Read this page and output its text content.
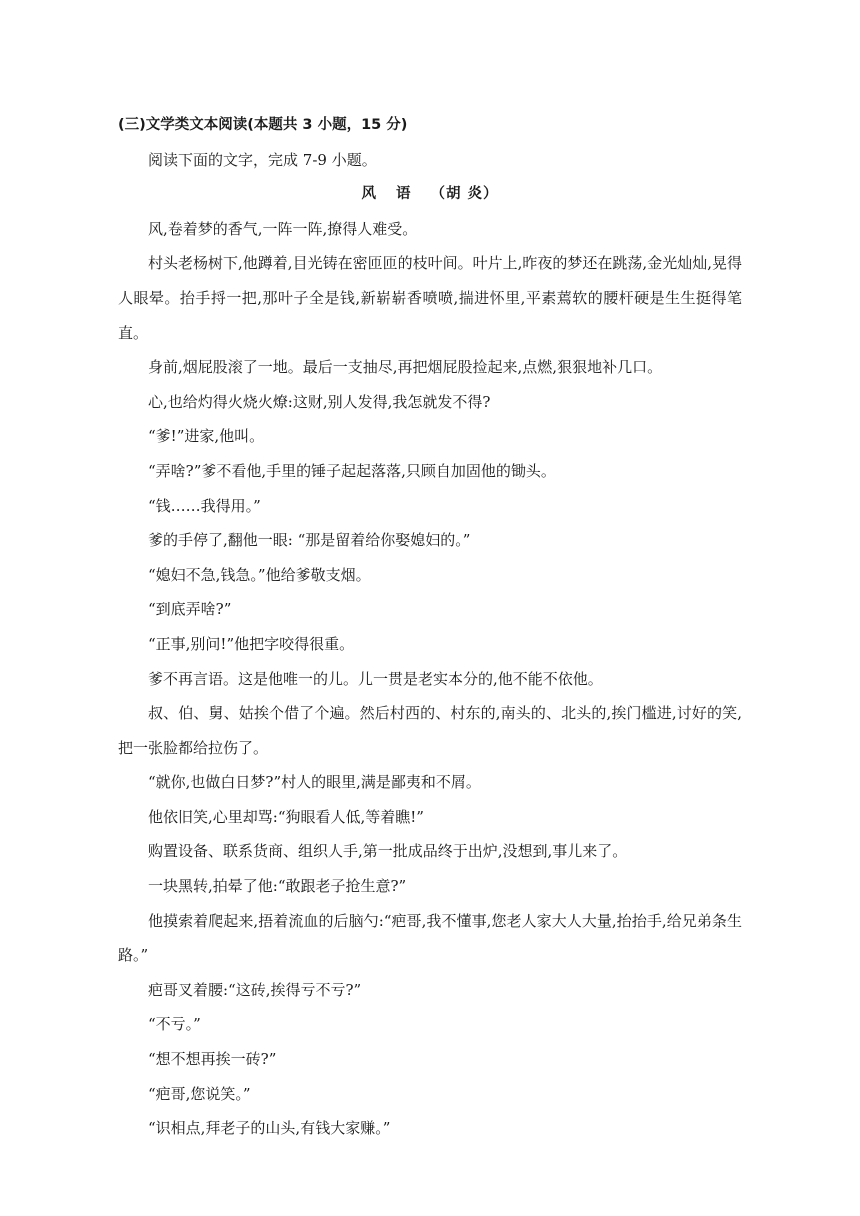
(三)文学类文本阅读(本题共 3 小题，15 分)

阅读下面的文字，完成 7-9 小题。

风语（胡 炎）

风,卷着梦的香气,一阵一阵,撩得人难受。

村头老杨树下,他蹲着,目光铸在密匝匝的枝叶间。叶片上,昨夜的梦还在跳荡,金光灿灿,晃得人眼晕。抬手捋一把,那叶子全是钱,新崭崭香喷喷,揣进怀里,平素蔫软的腰杆硬是生生挺得笔直。

身前,烟屁股滚了一地。最后一支抽尽,再把烟屁股捡起来,点燃,狠狠地补几口。

心,也给灼得火烧火燎:这财,别人发得,我怎就发不得?

“爹!”进家,他叫。

“弄啥?”爹不看他,手里的锤子起起落落,只顾自加固他的锄头。

“钱……我得用。”

爹的手停了,翻他一眼: “那是留着给你娶媳妇的。”

“媳妇不急,钱急。”他给爹敬支烟。

“到底弄啥?”

“正事,别问!”他把字咬得很重。

爹不再言语。这是他唯一的儿。儿一贯是老实本分的,他不能不依他。

叔、伯、舅、姑挨个借了个遍。然后村西的、村东的,南头的、北头的,挨门槛进,讨好的笑,把一张脸都给拉伤了。

“就你,也做白日梦?”村人的眼里,满是鄙夷和不屑。

他依旧笑,心里却骂:“狗眼看人低,等着瞧!”

购置设备、联系货商、组织人手,第一批成品终于出炉,没想到,事儿来了。

一块黑转,拍晕了他:“敢跟老子抢生意?”

他摸索着爬起来,捂着流血的后脑勺:“疤哥,我不懂事,您老人家大人大量,抬抬手,给兄弟条生路。”

疤哥叉着腰:“这砖,挨得亏不亏?”

“不亏。”

“想不想再挨一砖?”

“疤哥,您说笑。”

“识相点,拜老子的山头,有钱大家赚。”
